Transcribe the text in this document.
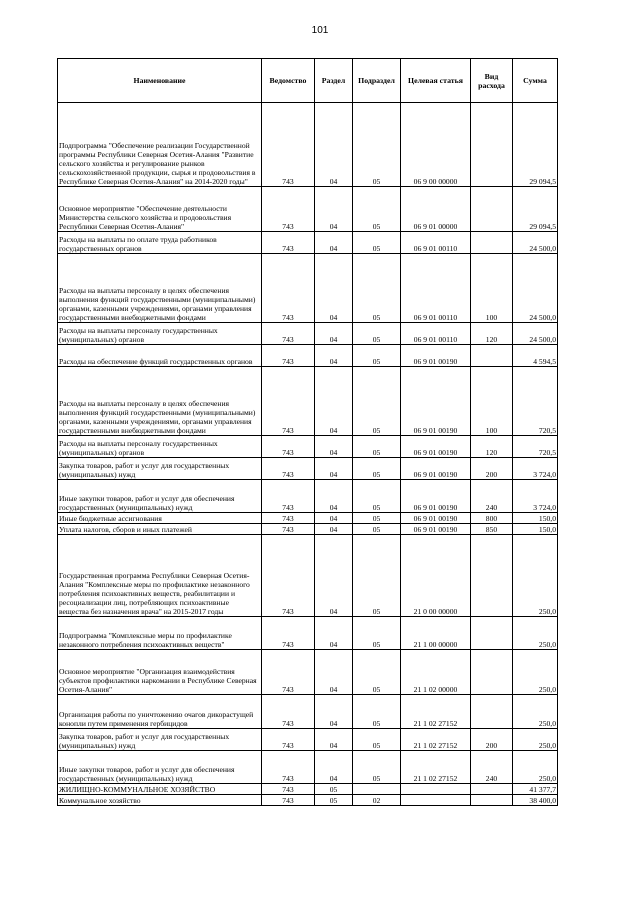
101
Наименование	Ведомство	Раздел	Подраздел	Целевая статья	Вид расхода	Сумма
Подпрограмма "Обеспечение реализации Государственной программы Республики Северная Осетия-Алания "Развитие сельского хозяйства и регулирование рынков сельскохозяйственной продукции, сырья и продовольствия в Республике Северная Осетия-Алания" на 2014-2020 годы"	743	04	05	06 9 00 00000		29 094,5
Основное мероприятие "Обеспечение деятельности Министерства сельского хозяйства и продовольствия Республики Северная Осетия-Алания"	743	04	05	06 9 01 00000		29 094,5
Расходы на выплаты по оплате труда работников государственных органов	743	04	05	06 9 01 00110		24 500,0
Расходы на выплаты персоналу в целях обеспечения выполнения функций государственными (муниципальными) органами, казенными учреждениями, органами управления государственными внебюджетными фондами	743	04	05	06 9 01 00110	100	24 500,0
Расходы на выплаты персоналу государственных (муниципальных) органов	743	04	05	06 9 01 00110	120	24 500,0
Расходы на обеспечение функций государственных органов	743	04	05	06 9 01 00190		4 594,5
Расходы на выплаты персоналу в целях обеспечения выполнения функций государственными (муниципальными) органами, казенными учреждениями, органами управления государственными внебюджетными фондами	743	04	05	06 9 01 00190	100	720,5
Расходы на выплаты персоналу государственных (муниципальных) органов	743	04	05	06 9 01 00190	120	720,5
Закупка товаров, работ и услуг для государственных (муниципальных) нужд	743	04	05	06 9 01 00190	200	3 724,0
Иные закупки товаров, работ и услуг для обеспечения государственных (муниципальных) нужд	743	04	05	06 9 01 00190	240	3 724,0
Иные бюджетные ассигнования	743	04	05	06 9 01 00190	800	150,0
Уплата налогов, сборов и иных платежей	743	04	05	06 9 01 00190	850	150,0
Государственная программа Республики Северная Осетия-Алания "Комплексные меры по профилактике незаконного потребления психоактивных веществ, реабилитации и ресоциализации лиц, потребляющих психоактивные вещества без назначения врача" на 2015-2017 годы	743	04	05	21 0 00 00000		250,0
Подпрограмма "Комплексные меры по профилактике незаконного потребления психоактивных веществ"	743	04	05	21 1 00 00000		250,0
Основное мероприятие "Организация взаимодействия субъектов профилактики наркомании в Республике Северная Осетия-Алания"	743	04	05	21 1 02 00000		250,0
Организация работы по уничтожению очагов дикорастущей конопли путем применения гербицидов	743	04	05	21 1 02 27152		250,0
Закупка товаров, работ и услуг для государственных (муниципальных) нужд	743	04	05	21 1 02 27152	200	250,0
Иные закупки товаров, работ и услуг для обеспечения государственных (муниципальных) нужд	743	04	05	21 1 02 27152	240	250,0
ЖИЛИЩНО-КОММУНАЛЬНОЕ ХОЗЯЙСТВО	743	05				41 377,7
Коммунальное хозяйство	743	05	02			38 400,0
